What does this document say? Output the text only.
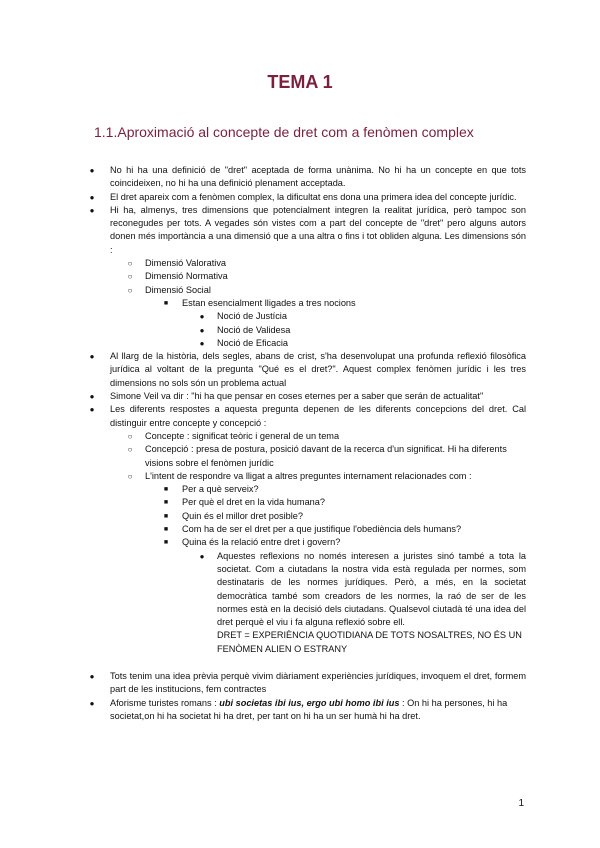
TEMA 1
1.1.Aproximació al concepte de dret com a fenòmen complex
●	No hi ha una definició de "dret" aceptada de forma unànima. No hi ha un concepte en que tots coincideixen, no hi ha una definició plenament acceptada.
●	El dret apareix com a fenòmen complex, la dificultat ens dona una primera idea del concepte jurídic.
●	Hi ha, almenys, tres dimensions que potencialment integren la realitat jurídica, però tampoc son reconegudes per tots. A vegades són vistes com a part del concepte de "dret" pero alguns autors donen més importància a una dimensió que a una altra o fins i tot obliden alguna. Les dimensions són :
○	Dimensió Valorativa
○	Dimensió Normativa
○	Dimensió Social
■	Estan esencialment lligades a tres nocions
●	Noció de Justícia
●	Noció de Validesa
●	Noció de Eficacia
●	Al llarg de la història, dels segles, abans de crist, s'ha desenvolupat una profunda reflexió filosòfica jurídica al voltant de la pregunta "Qué es el dret?". Aquest complex fenòmen jurídic i les tres dimensions no sols són un problema actual
●	Simone Veil va dir : "hi ha que pensar en coses eternes per a saber que serán de actualitat"
●	Les diferents respostes a aquesta pregunta depenen de les diferents concepcions del dret. Cal distinguir entre concepte y concepció :
○	Concepte : significat teòric i general de un tema
○	Concepció : presa de postura, posició davant de la recerca d'un significat. Hi ha diferents visions sobre el fenòmen jurídic
○	L'intent de respondre va lligat a altres preguntes internament relacionades com :
■	Per a què serveix?
■	Per què el dret en la vida humana?
■	Quin és el millor dret posible?
■	Com ha de ser el dret per a que justifique l'obediència dels humans?
■	Quina és la relació entre dret i govern?
●	Aquestes reflexions no només interesen a juristes sinó també a tota la societat. Com a ciutadans la nostra vida està regulada per normes, som destinataris de les normes jurídiques. Però, a més, en la societat democràtica també som creadors de les normes, la raó de ser de les normes està en la decisió dels ciutadans. Qualsevol ciutadà té una idea del dret perquè el viu i fa alguna reflexió sobre ell.
DRET = EXPERIÈNCIA QUOTIDIANA DE TOTS NOSALTRES, NO ÉS UN FENÒMEN ALIEN O ESTRANY
●	Tots tenim una idea prèvia perquè vivim diàriament experiències jurídiques, invoquem el dret, formem part de les institucions, fem contractes
●	Aforisme turistes romans : ubi societas ibi ius, ergo ubi homo ibi ius : On hi ha persones, hi ha societat,on hi ha societat hi ha dret, per tant on hi ha un ser humà hi ha dret.
1
